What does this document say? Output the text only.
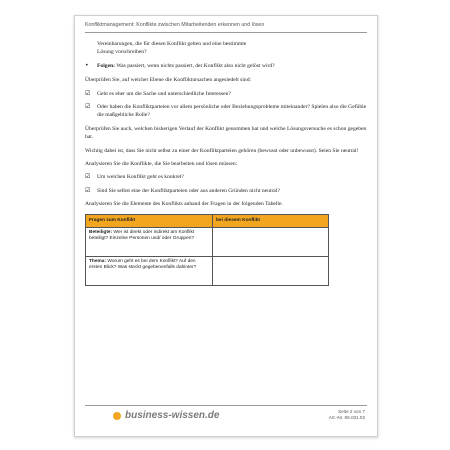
Konfliktmanagement: Konflikte zwischen Mitarbeitenden erkennen und lösen

Vereinbarungen, die für diesen Konflikt gelten und eine bestimmte
Lösung vorschreiben?

• Folgen: Was passiert, wenn nichts passiert, der Konflikt also nicht gelöst wird?

Überprüfen Sie, auf welcher Ebene die Konfliktursachen angesiedelt sind:

☑ Geht es eher um die Sache und unterschiedliche Interessen?
☑ Oder haben die Konfliktparteien vor allem persönliche oder Beziehungsprobleme miteinander? Spielen also die Gefühle die maßgebliche Rolle?

Überprüfen Sie auch, welchen bisherigen Verlauf der Konflikt genommen hat und welche Lösungsversuche es schon gegeben hat.

Wichtig dabei ist, dass Sie nicht selbst zu einer der Konfliktparteien gehören (bewusst oder unbewusst). Seien Sie neutral!

Analysieren Sie die Konflikte, die Sie bearbeiten und lösen müssen:

☑ Um welchen Konflikt geht es konkret?
☑ Sind Sie selbst eine der Konfliktparteien oder aus anderen Gründen nicht neutral?

Analysieren Sie die Elemente des Konflikts anhand der Fragen in der folgenden Tabelle.

Fragen zum Konflikt	bei diesem Konflikt
Beteiligte: Wer ist direkt oder indirekt am Konflikt beteiligt? Einzelne Personen und/ oder Gruppen?	
Thema: Worum geht es bei dem Konflikt? Auf den ersten Blick? Was steckt gegebenenfalls dahinter?	
business-wissen.de	Seite 2 von 7
Art.-Nr. 96.031.02
